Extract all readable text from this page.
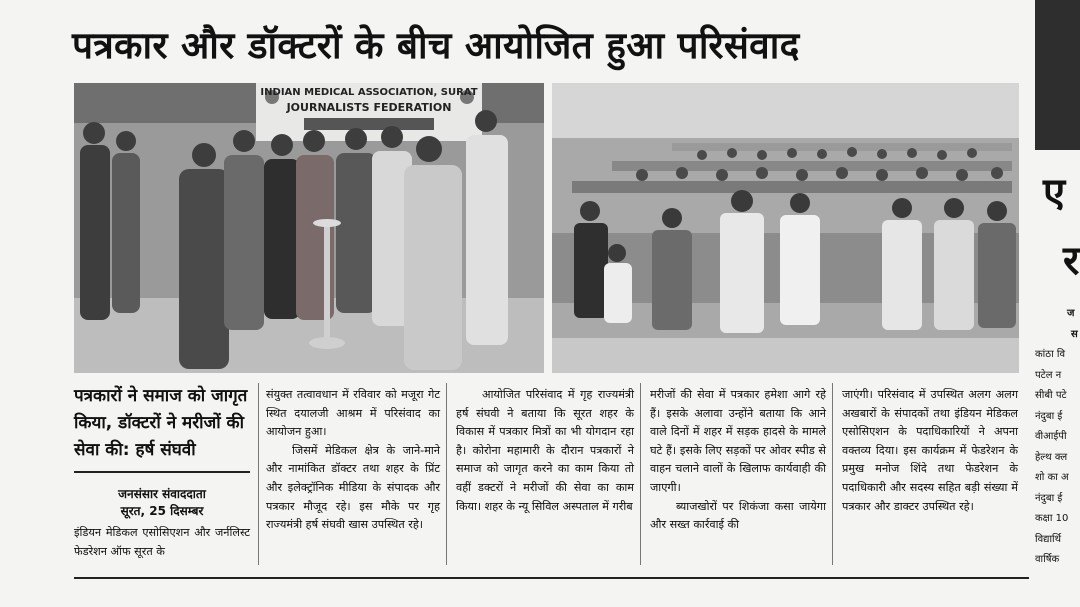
पत्रकार और डॉक्टरों के बीच आयोजित हुआ परिसंवाद
INDIAN MEDICAL ASSOCIATION, SURAT
JOURNALISTS FEDERATION
पत्रकारों ने समाज को जागृत किया, डॉक्टरों ने मरीजों की सेवा की: हर्ष संघवी
जनसंसार संवाददाता
सूरत, 25 दिसम्बर

इंडियन मेडिकल एसोसिएशन और जर्नलिस्ट फेडरेशन ऑफ सूरत के

संयुक्त तत्वावधान में रविवार को मजूरा गेट स्थित दयालजी आश्रम में परिसंवाद का आयोजन हुआ।

जिसमें मेडिकल क्षेत्र के जाने-माने और नामांकित डॉक्टर तथा शहर के प्रिंट और इलेक्ट्रॉनिक मीडिया के संपादक और पत्रकार मौजूद रहे। इस मौके पर गृह राज्यमंत्री हर्ष संघवी खास उपस्थित रहे।

आयोजित परिसंवाद में गृह राज्यमंत्री हर्ष संघवी ने बताया कि सूरत शहर के विकास में पत्रकार मित्रों का भी योगदान रहा है। कोरोना महामारी के दौरान पत्रकारों ने समाज को जागृत करने का काम किया तो वहीं डक्टरों ने मरीजों की सेवा का काम किया। शहर के न्यू सिविल अस्पताल में गरीब

मरीजों की सेवा में पत्रकार हमेशा आगे रहे हैं। इसके अलावा उन्होंने बताया कि आने वाले दिनों में शहर में सड़क हादसे के मामले घटे हैं। इसके लिए सड़कों पर ओवर स्पीड से वाहन चलाने वालों के खिलाफ कार्यवाही की जाएगी।

ब्याजखोरों पर शिकंजा कसा जायेगा और सख्त कार्रवाई की

जाएंगी। परिसंवाद में उपस्थित अलग अलग अखबारों के संपादकों तथा इंडियन मेडिकल एसोसिएशन के पदाधिकारियों ने अपना वक्तव्य दिया। इस कार्यक्रम में फेडरेशन के प्रमुख मनोज शिंदे तथा फेडरेशन के पदाधिकारी और सदस्य सहित बड़ी संख्या में पत्रकार और डाक्टर उपस्थित रहे।

ए
र
ज
स
कांठा वि
पटेल न
सीबी पटे
नंदुबा ई
वीआईपी
हेल्थ क्ल
शो का अ
नंदुबा ई
कक्षा 10
विद्यार्थि
वार्षिक
